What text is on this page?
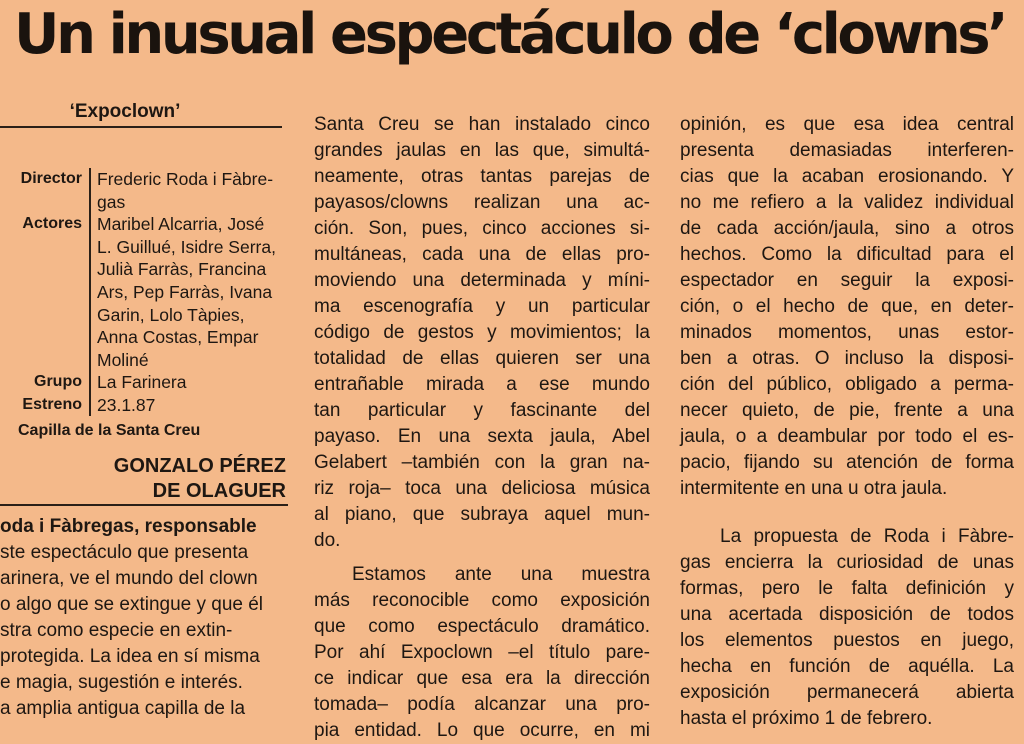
Un inusual espectáculo de ‘clowns’
‘Expoclown’
Director Frederic Roda i Fàbre-
gas
Actores Maribel Alcarria, José
L. Guillué, Isidre Serra,
Julià Farràs, Francina
Ars, Pep Farràs, Ivana
Garin, Lolo Tàpies,
Anna Costas, Empar
Moliné
Grupo La Farinera
Estreno 23.1.87
Capilla de la Santa Creu
GONZALO PÉREZ
DE OLAGUER
oda i Fàbregas, responsable
ste espectáculo que presenta
arinera, ve el mundo del clown
o algo que se extingue y que él
stra como especie en extin-
protegida. La idea en sí misma
e magia, sugestión e interés.
a amplia antigua capilla de la
Santa Creu se han instalado cinco
grandes jaulas en las que, simultá-
neamente, otras tantas parejas de
payasos/clowns realizan una ac-
ción. Son, pues, cinco acciones si-
multáneas, cada una de ellas pro-
moviendo una determinada y míni-
ma escenografía y un particular
código de gestos y movimientos; la
totalidad de ellas quieren ser una
entrañable mirada a ese mundo
tan particular y fascinante del
payaso. En una sexta jaula, Abel
Gelabert –también con la gran na-
riz roja– toca una deliciosa música
al piano, que subraya aquel mun-
do.
Estamos ante una muestra
más reconocible como exposición
que como espectáculo dramático.
Por ahí Expoclown –el título pare-
ce indicar que esa era la dirección
tomada– podía alcanzar una pro-
pia entidad. Lo que ocurre, en mi
opinión, es que esa idea central
presenta demasiadas interferen-
cias que la acaban erosionando. Y
no me refiero a la validez individual
de cada acción/jaula, sino a otros
hechos. Como la dificultad para el
espectador en seguir la exposi-
ción, o el hecho de que, en deter-
minados momentos, unas estor-
ben a otras. O incluso la disposi-
ción del público, obligado a perma-
necer quieto, de pie, frente a una
jaula, o a deambular por todo el es-
pacio, fijando su atención de forma
intermitente en una u otra jaula.
La propuesta de Roda i Fàbre-
gas encierra la curiosidad de unas
formas, pero le falta definición y
una acertada disposición de todos
los elementos puestos en juego,
hecha en función de aquélla. La
exposición permanecerá abierta
hasta el próximo 1 de febrero.
